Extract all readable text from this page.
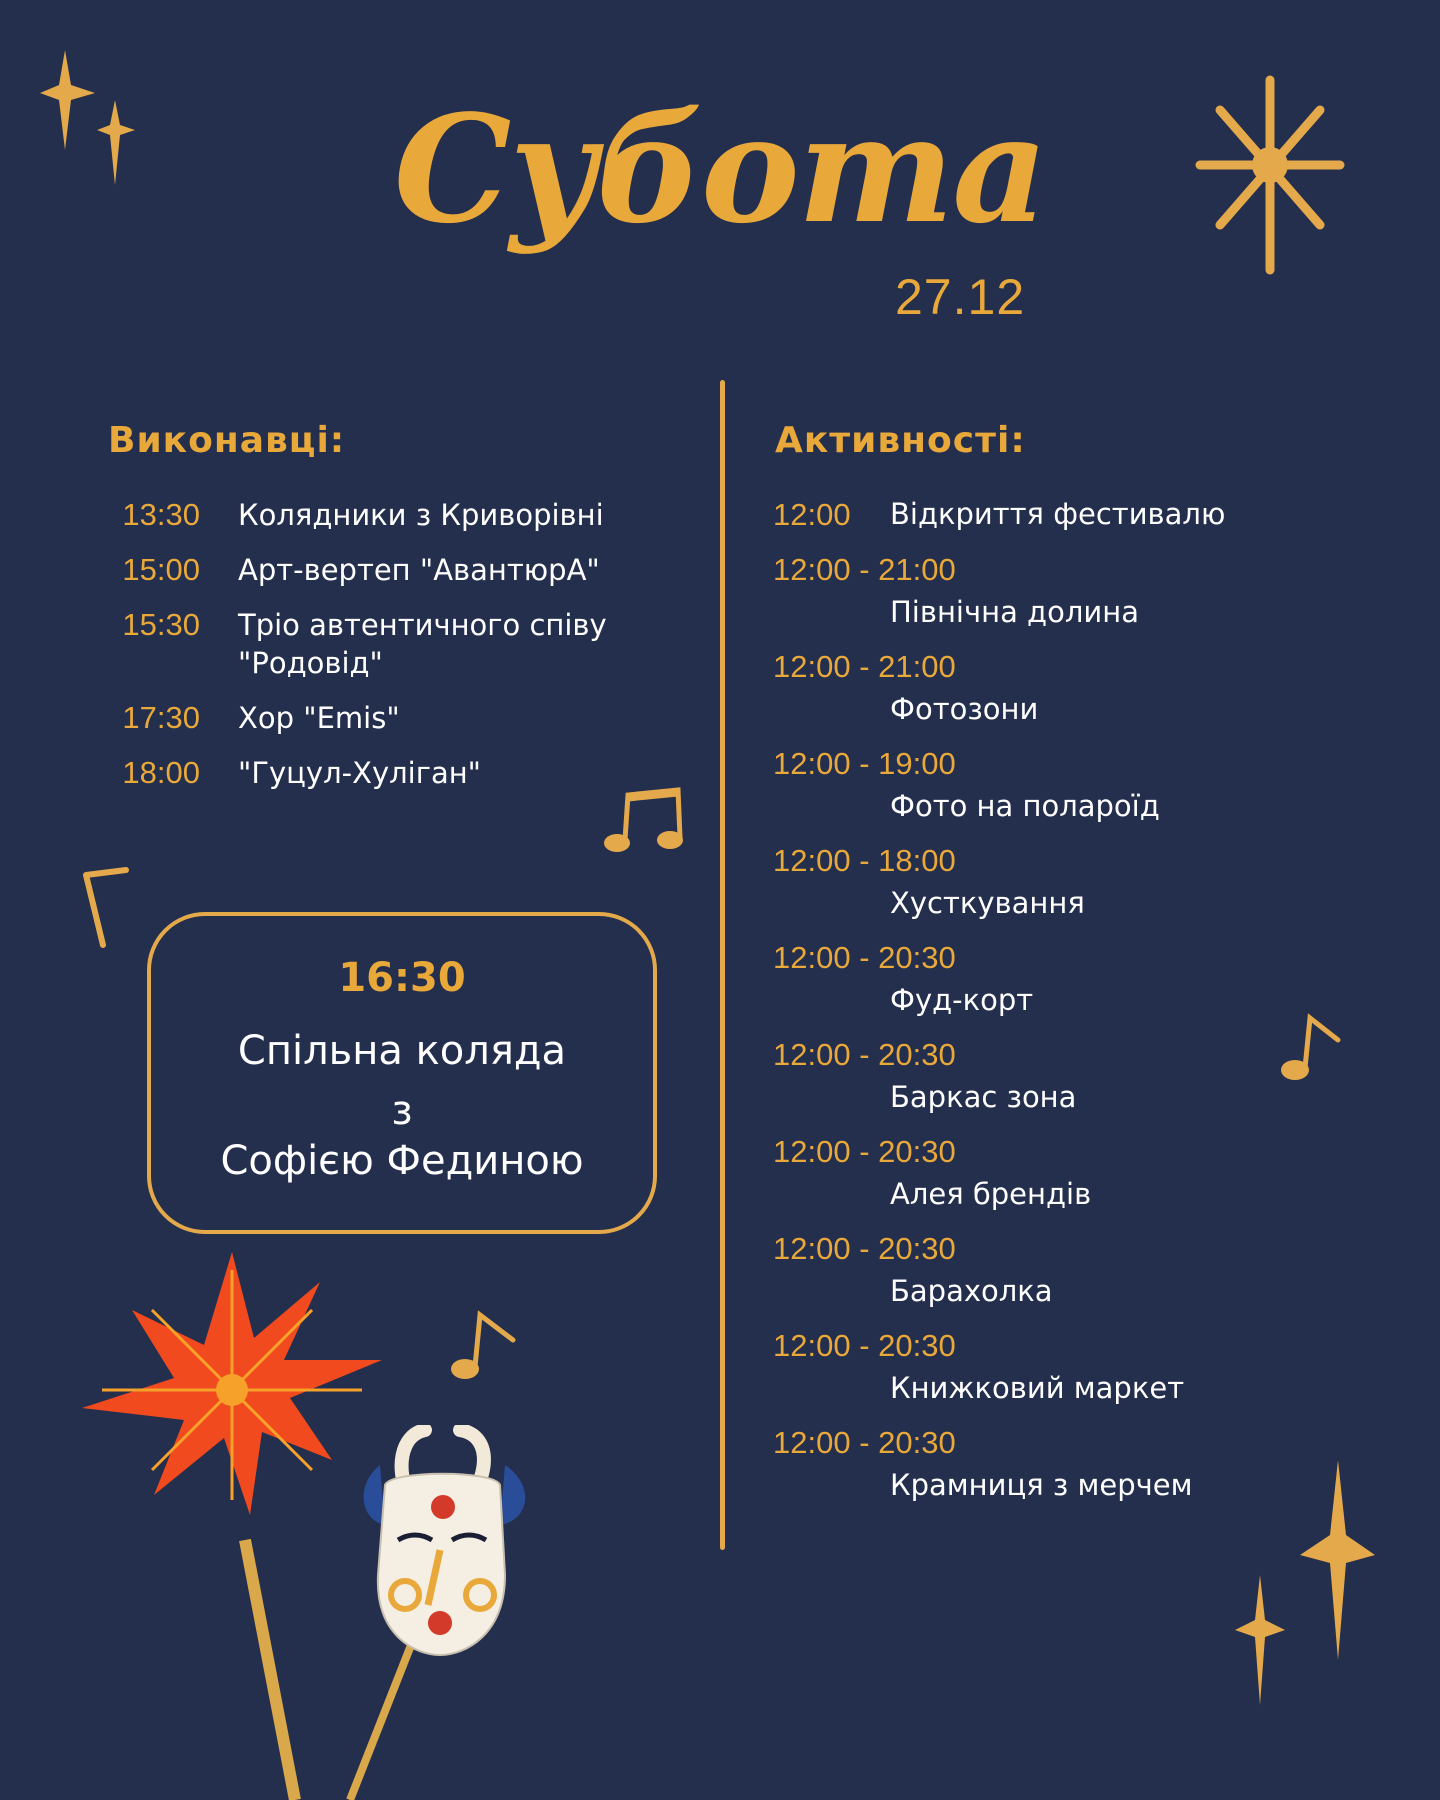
Субота
27.12
Виконавці:
13:30 Колядники з Криворівні
15:00 Арт-вертеп "АвантюрА"
15:30 Тріо автентичного співу "Родовід"
17:30 Хор "Emis"
18:00 "Гуцул-Хуліган"
16:30
Спільна коляда
з
Софією Фединою
Активності:
12:00 Відкриття фестивалю
12:00 - 21:00
Північна долина
12:00 - 21:00
Фотозони
12:00 - 19:00
Фото на полароїд
12:00 - 18:00
Хусткування
12:00 - 20:30
Фуд-корт
12:00 - 20:30
Баркас зона
12:00 - 20:30
Алея брендів
12:00 - 20:30
Барахолка
12:00 - 20:30
Книжковий маркет
12:00 - 20:30
Крамниця з мерчем
